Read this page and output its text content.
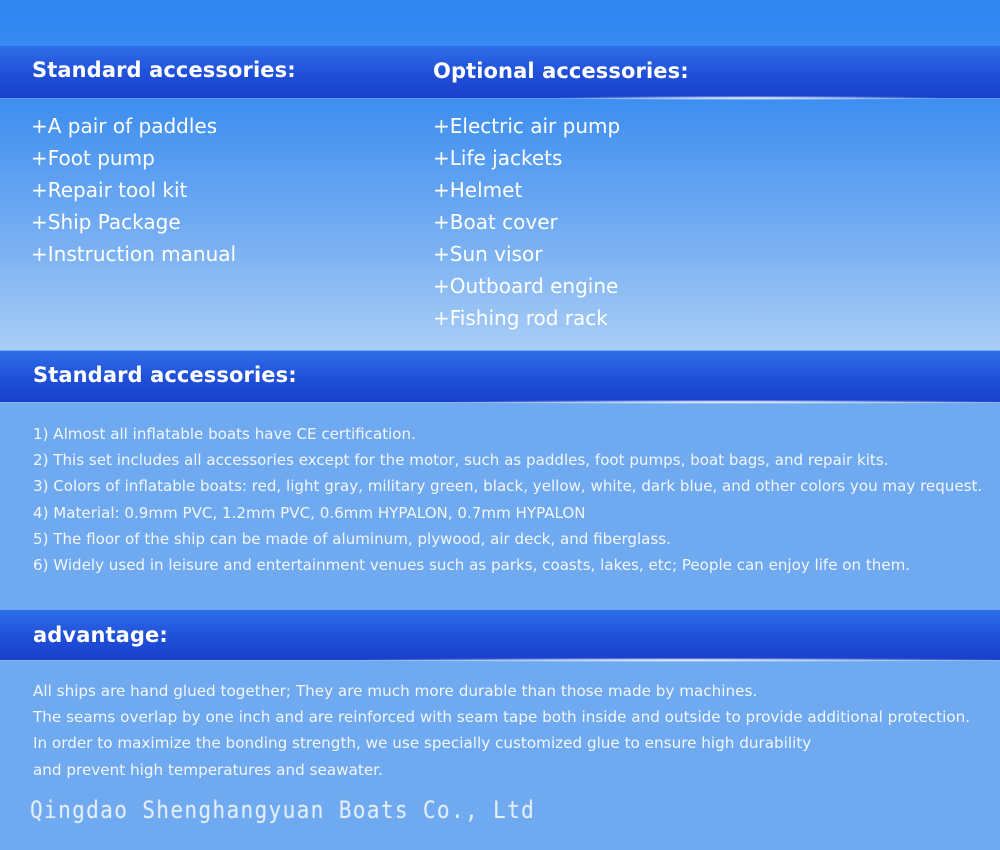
Standard accessories:	Optional accessories:
+A pair of paddles
+Foot pump
+Repair tool kit
+Ship Package
+Instruction manual
+Electric air pump
+Life jackets
+Helmet
+Boat cover
+Sun visor
+Outboard engine
+Fishing rod rack
Standard accessories:
1) Almost all inflatable boats have CE certification.
2) This set includes all accessories except for the motor, such as paddles, foot pumps, boat bags, and repair kits.
3) Colors of inflatable boats: red, light gray, military green, black, yellow, white, dark blue, and other colors you may request.
4) Material: 0.9mm PVC, 1.2mm PVC, 0.6mm HYPALON, 0.7mm HYPALON
5) The floor of the ship can be made of aluminum, plywood, air deck, and fiberglass.
6) Widely used in leisure and entertainment venues such as parks, coasts, lakes, etc; People can enjoy life on them.
advantage:
All ships are hand glued together; They are much more durable than those made by machines.
The seams overlap by one inch and are reinforced with seam tape both inside and outside to provide additional protection.
In order to maximize the bonding strength, we use specially customized glue to ensure high durability
and prevent high temperatures and seawater.
Qingdao Shenghangyuan Boats Co., Ltd
